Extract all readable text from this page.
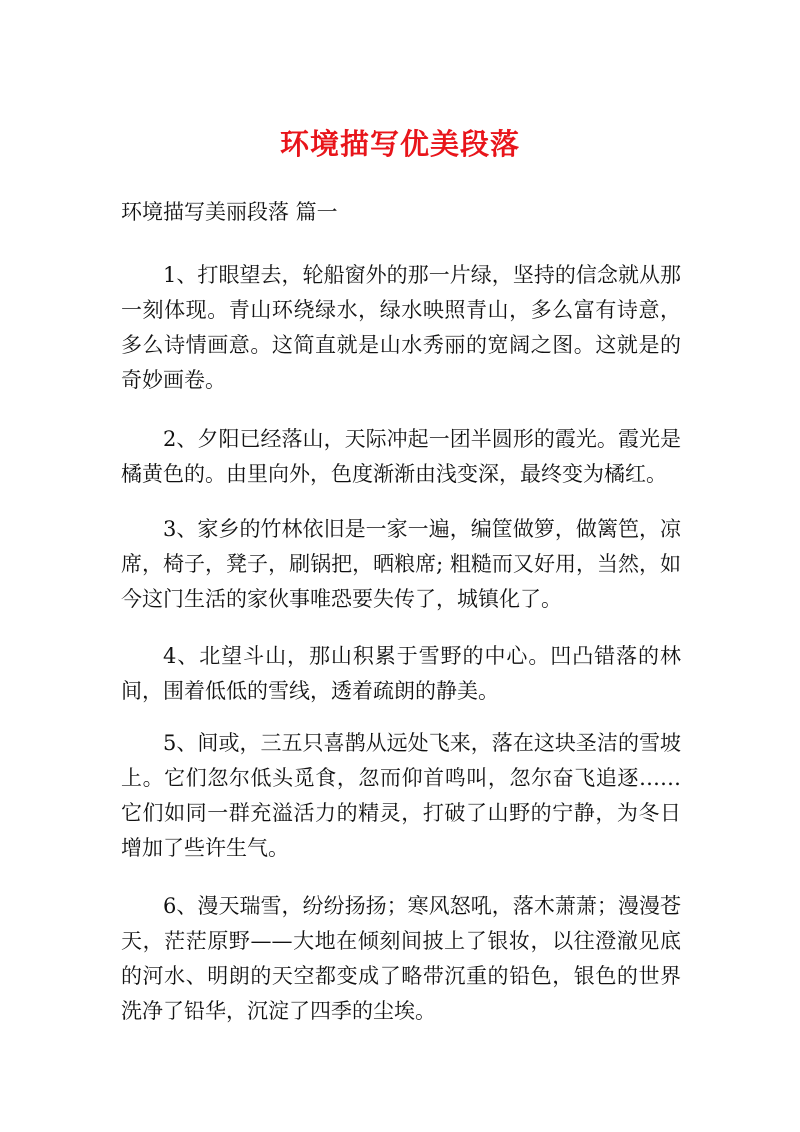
环境描写优美段落
环境描写美丽段落 篇一

1、打眼望去，轮船窗外的那一片绿，坚持的信念就从那一刻体现。青山环绕绿水，绿水映照青山，多么富有诗意，多么诗情画意。这简直就是山水秀丽的宽阔之图。这就是的奇妙画卷。

2、夕阳已经落山，天际冲起一团半圆形的霞光。霞光是橘黄色的。由里向外，色度渐渐由浅变深，最终变为橘红。

3、家乡的竹林依旧是一家一遍，编筐做箩，做篱笆，凉席，椅子，凳子，刷锅把，晒粮席; 粗糙而又好用，当然，如今这门生活的家伙事唯恐要失传了，城镇化了。

4、北望斗山，那山积累于雪野的中心。凹凸错落的林间，围着低低的雪线，透着疏朗的静美。

5、间或，三五只喜鹊从远处飞来，落在这块圣洁的雪坡上。它们忽尔低头觅食，忽而仰首鸣叫，忽尔奋飞追逐……它们如同一群充溢活力的精灵，打破了山野的宁静，为冬日增加了些许生气。

6、漫天瑞雪，纷纷扬扬；寒风怒吼，落木萧萧；漫漫苍天，茫茫原野——大地在倾刻间披上了银妆，以往澄澈见底的河水、明朗的天空都变成了略带沉重的铅色，银色的世界洗净了铅华，沉淀了四季的尘埃。
